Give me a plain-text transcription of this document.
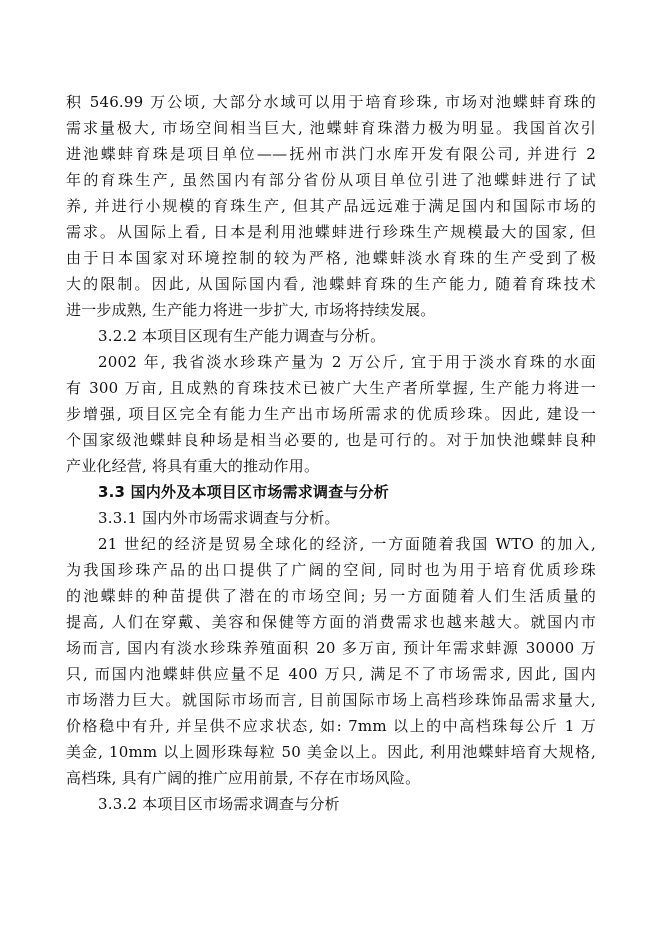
积 546.99 万公顷, 大部分水域可以用于培育珍珠, 市场对池蝶蚌育珠的
需求量极大, 市场空间相当巨大, 池蝶蚌育珠潜力极为明显。我国首次引
进池蝶蚌育珠是项目单位——抚州市洪门水库开发有限公司, 并进行 2
年的育珠生产, 虽然国内有部分省份从项目单位引进了池蝶蚌进行了试
养, 并进行小规模的育珠生产, 但其产品远远难于满足国内和国际市场的
需求。从国际上看, 日本是利用池蝶蚌进行珍珠生产规模最大的国家, 但
由于日本国家对环境控制的较为严格, 池蝶蚌淡水育珠的生产受到了极
大的限制。因此, 从国际国内看, 池蝶蚌育珠的生产能力, 随着育珠技术
进一步成熟, 生产能力将进一步扩大, 市场将持续发展。
3.2.2 本项目区现有生产能力调查与分析。
2002 年, 我省淡水珍珠产量为 2 万公斤, 宜于用于淡水育珠的水面
有 300 万亩, 且成熟的育珠技术已被广大生产者所掌握, 生产能力将进一
步增强, 项目区完全有能力生产出市场所需求的优质珍珠。因此, 建设一
个国家级池蝶蚌良种场是相当必要的, 也是可行的。对于加快池蝶蚌良种
产业化经营, 将具有重大的推动作用。
3.3 国内外及本项目区市场需求调查与分析
3.3.1 国内外市场需求调查与分析。
21 世纪的经济是贸易全球化的经济, 一方面随着我国 WTO 的加入,
为我国珍珠产品的出口提供了广阔的空间, 同时也为用于培育优质珍珠
的池蝶蚌的种苗提供了潜在的市场空间; 另一方面随着人们生活质量的
提高, 人们在穿戴、美容和保健等方面的消费需求也越来越大。就国内市
场而言, 国内有淡水珍珠养殖面积 20 多万亩, 预计年需求蚌源 30000 万
只, 而国内池蝶蚌供应量不足 400 万只, 满足不了市场需求, 因此, 国内
市场潜力巨大。就国际市场而言, 目前国际市场上高档珍珠饰品需求量大,
价格稳中有升, 并呈供不应求状态, 如: 7mm 以上的中高档珠每公斤 1 万
美金, 10mm 以上圆形珠每粒 50 美金以上。因此, 利用池蝶蚌培育大规格,
高档珠, 具有广阔的推广应用前景, 不存在市场风险。
3.3.2 本项目区市场需求调查与分析
